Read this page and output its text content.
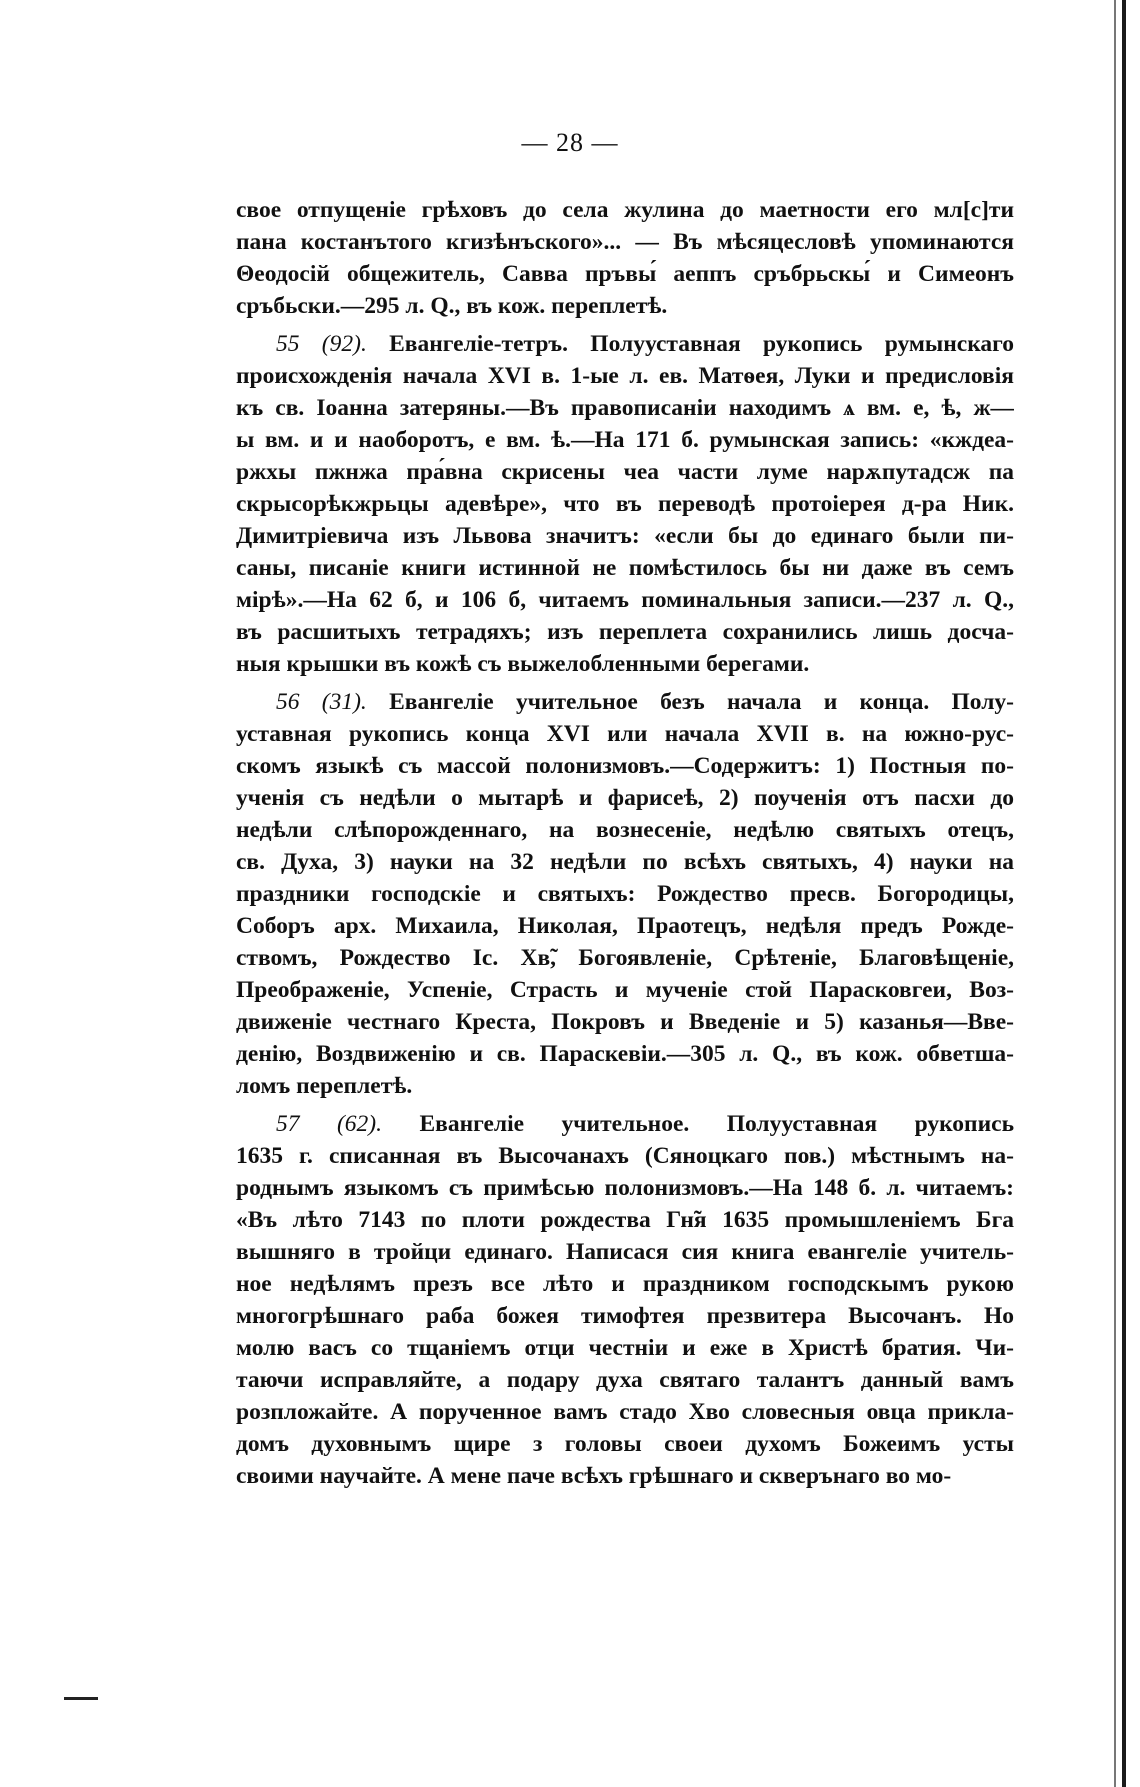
— 28 —
свое отпущеніе грѣховъ до села жулина до маетности его мл[с]ти
пана костанътого кгизѣнъского»... — Въ мѣсяцесловѣ упоминаются
Θеодосій общежитель, Савва пръвы́ аеппъ сръбрьскы́ и Симеонъ
сръбьски.—295 л. Q., въ кож. переплетѣ.
55 (92). Евангеліе-тетръ. Полууставная рукопись румынскаго
происхожденія начала XVI в. 1-ые л. ев. Матѳея, Луки и предисловія
къ св. Іоанна затеряны.—Въ правописаніи находимъ ѧ вм. е, ѣ, ж—
ы вм. и и наоборотъ, е вм. ѣ.—На 171 б. румынская запись: «кждеа-
ржхы пжнжа пра́вна скрисены чеа части луме нарѫпутадсж па
скрысорѣкжрьцы адевѣре», что въ переводѣ протоіерея д-ра Ник.
Димитріевича изъ Львова значитъ: «если бы до единаго были пи-
саны, писаніе книги истинной не помѣстилось бы ни даже въ семъ
мірѣ».—На 62 б, и 106 б, читаемъ поминальныя записи.—237 л. Q.,
въ расшитыхъ тетрадяхъ; изъ переплета сохранились лишь досча-
ныя крышки въ кожѣ съ выжелобленными берегами.
56 (31). Евангеліе учительное безъ начала и конца. Полу-
уставная рукопись конца XVI или начала XVII в. на южно-рус-
скомъ языкѣ съ массой полонизмовъ.—Содержитъ: 1) Постныя по-
ученія съ недѣли о мытарѣ и фарисеѣ, 2) поученія отъ пасхи до
недѣли слѣпорожденнаго, на вознесеніе, недѣлю святыхъ отецъ,
св. Духа, 3) науки на 32 недѣли по всѣхъ святыхъ, 4) науки на
праздники господскіе и святыхъ: Рождество пресв. Богородицы,
Соборъ арх. Михаила, Николая, Праотецъ, недѣля предъ Рожде-
ствомъ, Рождество Іс. Хв̃, Богоявленіе, Срѣтеніе, Благовѣщеніе,
Преображеніе, Успеніе, Страсть и мученіе стой Парасковгеи, Воз-
движеніе честнаго Креста, Покровъ и Введеніе и 5) казанья—Вве-
денію, Воздвиженію и св. Параскевіи.—305 л. Q., въ кож. обветша-
ломъ переплетѣ.
57 (62). Евангеліе учительное. Полууставная рукопись
1635 г. списанная въ Высочанахъ (Сяноцкаго пов.) мѣстнымъ на-
роднымъ языкомъ съ примѣсью полонизмовъ.—На 148 б. л. читаемъ:
«Въ лѣто 7143 по плоти рождества Гн̃я 1635 промышленіемъ Бга
вышняго в тройци единаго. Написася сия книга евангеліе учитель-
ное недѣлямъ презъ все лѣто и праздником господскымъ рукою
многогрѣшнаго раба божея тимофтея презвитера Высочанъ. Но
молю васъ со тщаніемъ отци честніи и еже в Христѣ братия. Чи-
таючи исправляйте, а подару духа святаго талантъ данный вамъ
розпложайте. А порученное вамъ стадо Хво словесныя овца прикла-
домъ духовнымъ щире з головы своеи духомъ Божеимъ усты
своими научайте. А мене паче всѣхъ грѣшнаго и скверънаго во мо-
